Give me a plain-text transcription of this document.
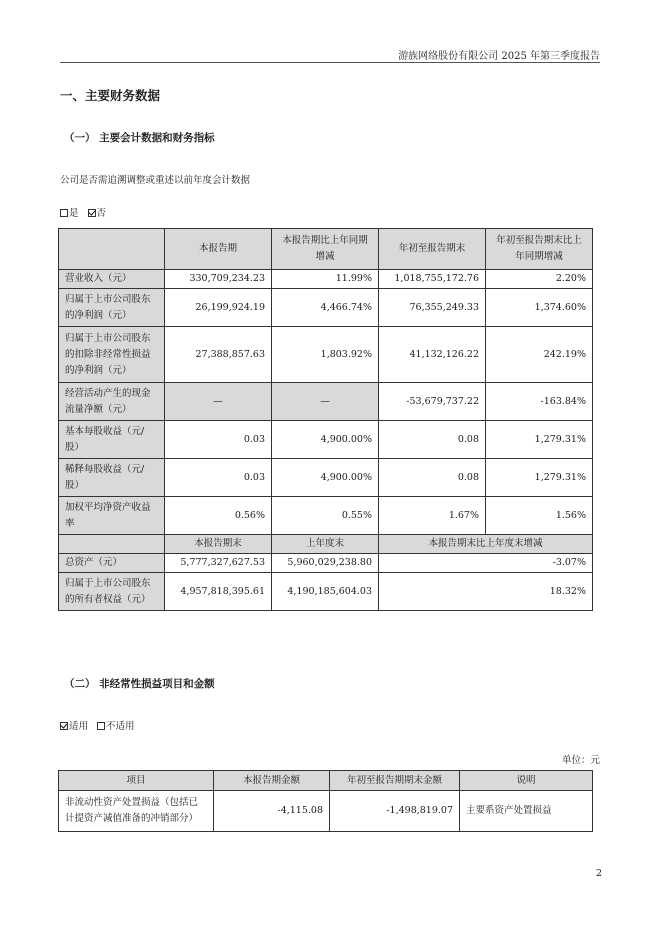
游族网络股份有限公司 2025 年第三季度报告
一、主要财务数据
（一） 主要会计数据和财务指标
公司是否需追溯调整或重述以前年度会计数据
是 否
	本报告期	本报告期比上年同期增减	年初至报告期末	年初至报告期末比上年同期增减
营业收入（元）	330,709,234.23	11.99%	1,018,755,172.76	2.20%
归属于上市公司股东的净利润（元）	26,199,924.19	4,466.74%	76,355,249.33	1,374.60%
归属于上市公司股东的扣除非经常性损益的净利润（元）	27,388,857.63	1,803.92%	41,132,126.22	242.19%
经营活动产生的现金流量净额（元）	—	—	-53,679,737.22	-163.84%
基本每股收益（元/股）	0.03	4,900.00%	0.08	1,279.31%
稀释每股收益（元/股）	0.03	4,900.00%	0.08	1,279.31%
加权平均净资产收益率	0.56%	0.55%	1.67%	1.56%
	本报告期末	上年度末	本报告期末比上年度末增减	
总资产（元）	5,777,327,627.53	5,960,029,238.80	-3.07%	
归属于上市公司股东的所有者权益（元）	4,957,818,395.61	4,190,185,604.03	18.32%	
（二） 非经常性损益项目和金额
适用 不适用
单位：元
项目	本报告期金额	年初至报告期期末金额	说明
非流动性资产处置损益（包括已计提资产减值准备的冲销部分）	-4,115.08	-1,498,819.07	主要系资产处置损益
2
